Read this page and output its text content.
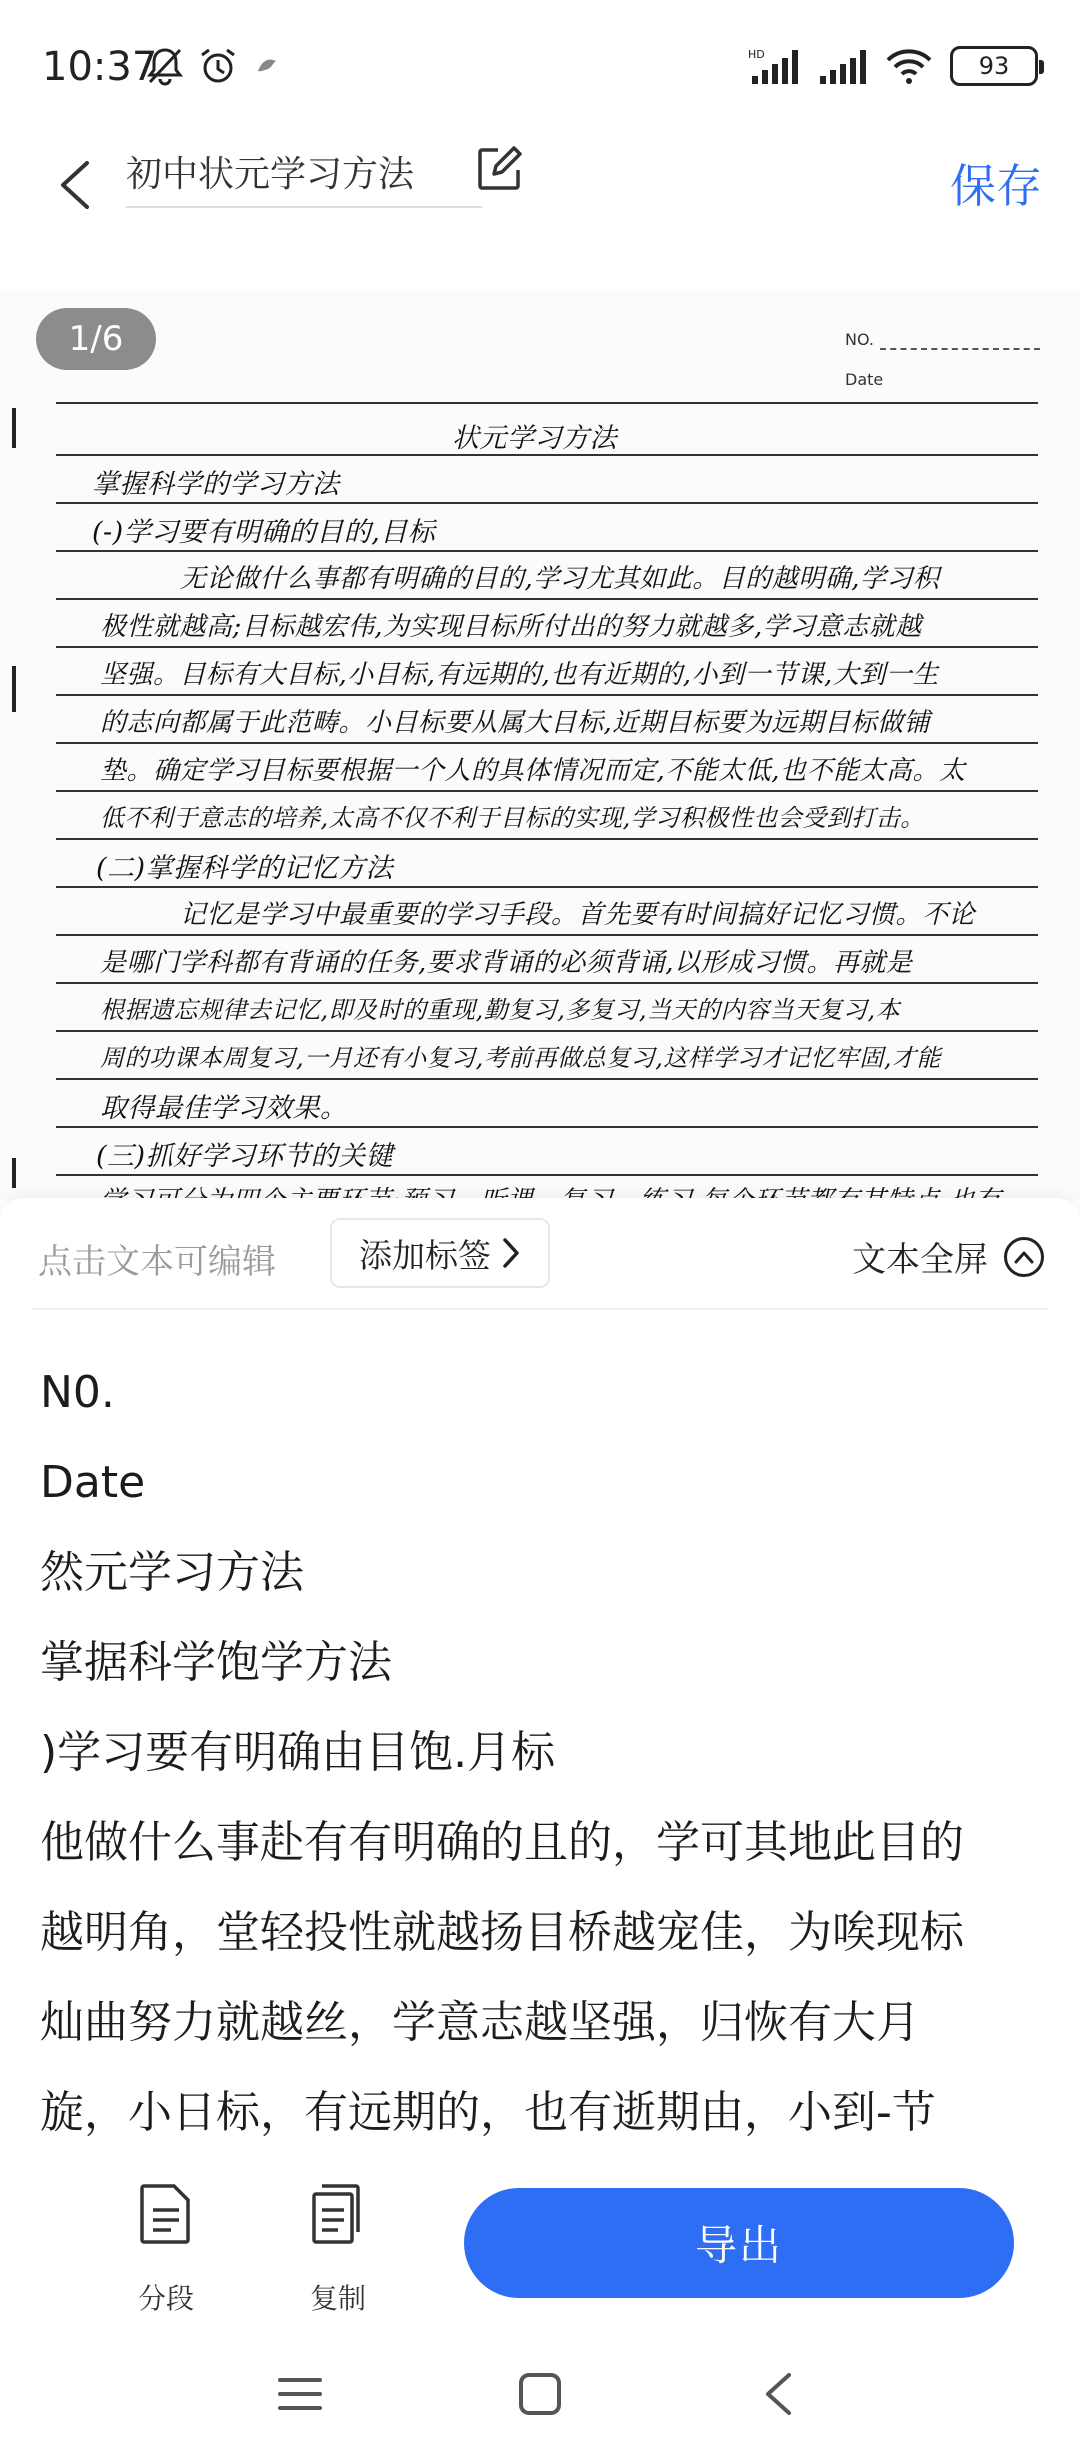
10:37	HD	93
初中状元学习方法	保存
1/6	NO.
Date
状元学习方法
掌握科学的学习方法
(-)学习要有明确的目的,目标
无论做什么事都有明确的目的,学习尤其如此。目的越明确,学习积
极性就越高;目标越宏伟,为实现目标所付出的努力就越多,学习意志就越
坚强。目标有大目标,小目标,有远期的,也有近期的,小到一节课,大到一生
的志向都属于此范畴。小目标要从属大目标,近期目标要为远期目标做铺
垫。确定学习目标要根据一个人的具体情况而定,不能太低,也不能太高。太
低不利于意志的培养,太高不仅不利于目标的实现,学习积极性也会受到打击。
(二)掌握科学的记忆方法
记忆是学习中最重要的学习手段。首先要有时间搞好记忆习惯。不论
是哪门学科都有背诵的任务,要求背诵的必须背诵,以形成习惯。再就是
根据遗忘规律去记忆,即及时的重现,勤复习,多复习,当天的内容当天复习,本
周的功课本周复习,一月还有小复习,考前再做总复习,这样学习才记忆牢固,才能
取得最佳学习效果。
(三)抓好学习环节的关键
点击文本可编辑	添加标签	文本全屏
N0.
Date
然元学习方法
掌据科学饱学方法
)学习要有明确由目饱.月标
他做什么事赴有有明确的且的，学可其地此目的
越明角，堂轻投性就越扬目桥越宠佳，为唉现标
灿曲努力就越丝，学意志越坚强，归恢有大月
旋，小日标，有远期的，也有逝期由，小到-节
分段	复制
导出
